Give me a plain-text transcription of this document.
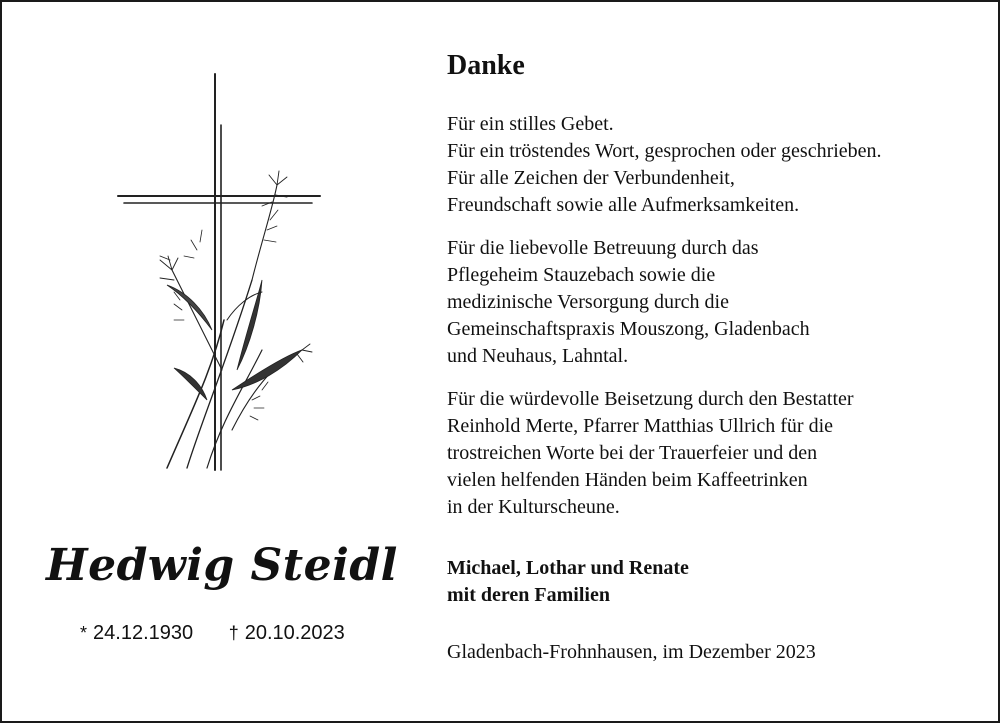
Hedwig Steidl
* 24.12.1930 † 20.10.2023
Danke
Für ein stilles Gebet.
Für ein tröstendes Wort, gesprochen oder geschrieben.
Für alle Zeichen der Verbundenheit,
Freundschaft sowie alle Aufmerksamkeiten.
Für die liebevolle Betreuung durch das
Pflegeheim Stauzebach sowie die
medizinische Versorgung durch die
Gemeinschaftspraxis Mouszong, Gladenbach
und Neuhaus, Lahntal.
Für die würdevolle Beisetzung durch den Bestatter
Reinhold Merte, Pfarrer Matthias Ullrich für die
trostreichen Worte bei der Trauerfeier und den
vielen helfenden Händen beim Kaffeetrinken
in der Kulturscheune.
Michael, Lothar und Renate
mit deren Familien
Gladenbach-Frohnhausen, im Dezember 2023
